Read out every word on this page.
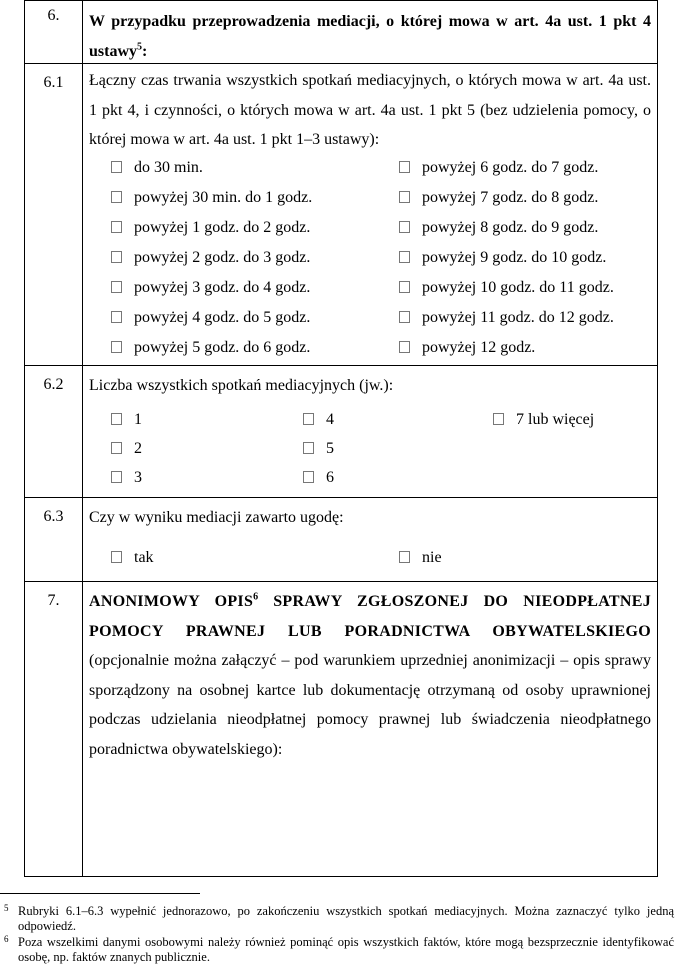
6.	W przypadku przeprowadzenia mediacji, o której mowa w art. 4a ust. 1 pkt 4 ustawy$^5$:
6.1	Łączny czas trwania wszystkich spotkań mediacyjnych, o których mowa w art. 4a ust. 1 pkt 4, i czynności, o których mowa w art. 4a ust. 1 pkt 5 (bez udzielenia pomocy, o której mowa w art. 4a ust. 1 pkt 1–3 ustawy):
do 30 min.
powyżej 30 min. do 1 godz.
powyżej 1 godz. do 2 godz.
powyżej 2 godz. do 3 godz.
powyżej 3 godz. do 4 godz.
powyżej 4 godz. do 5 godz.
powyżej 5 godz. do 6 godz.
powyżej 6 godz. do 7 godz.
powyżej 7 godz. do 8 godz.
powyżej 8 godz. do 9 godz.
powyżej 9 godz. do 10 godz.
powyżej 10 godz. do 11 godz.
powyżej 11 godz. do 12 godz.
powyżej 12 godz.
6.2	Liczba wszystkich spotkań mediacyjnych (jw.):
1
2
3
4
5
6
7 lub więcej
6.3	Czy w wyniku mediacji zawarto ugodę:
tak	nie
7.	ANONIMOWY OPIS$^6$ SPRAWY ZGŁOSZONEJ DO NIEODPŁATNEJ POMOCY PRAWNEJ LUB PORADNICTWA OBYWATELSKIEGO (opcjonalnie można załączyć – pod warunkiem uprzedniej anonimizacji – opis sprawy sporządzony na osobnej kartce lub dokumentację otrzymaną od osoby uprawnionej podczas udzielania nieodpłatnej pomocy prawnej lub świadczenia nieodpłatnego poradnictwa obywatelskiego):
5 Rubryki 6.1–6.3 wypełnić jednorazowo, po zakończeniu wszystkich spotkań mediacyjnych. Można zaznaczyć tylko jedną odpowiedź.
6 Poza wszelkimi danymi osobowymi należy również pominąć opis wszystkich faktów, które mogą bezsprzecznie identyfikować osobę, np. faktów znanych publicznie.
